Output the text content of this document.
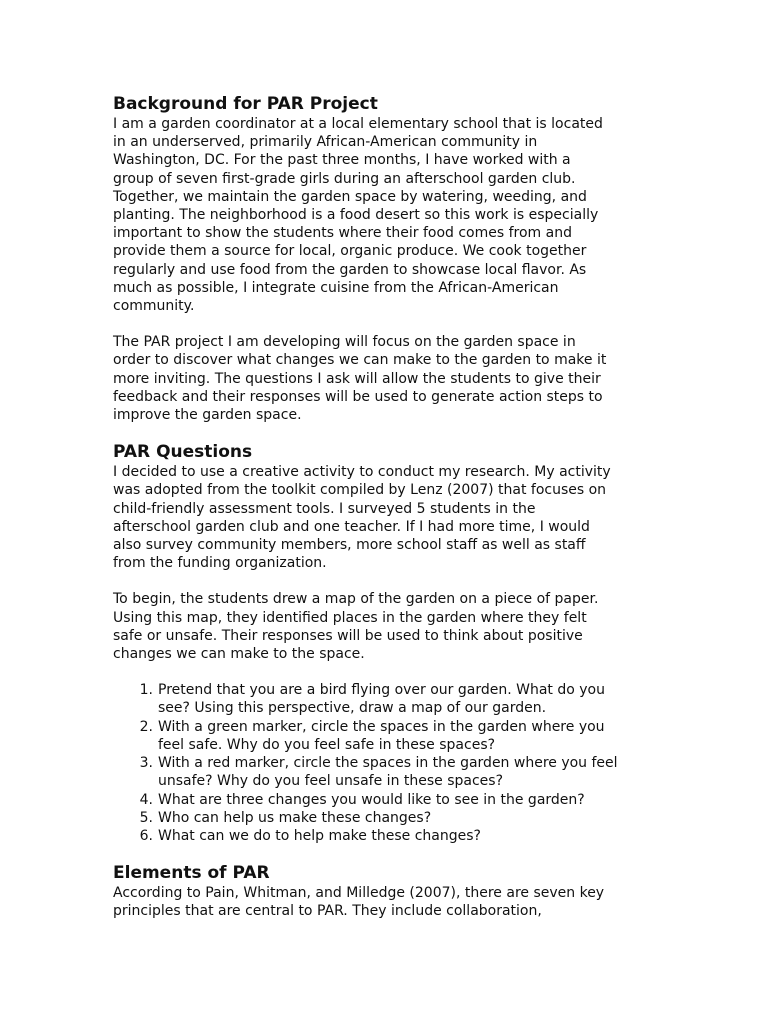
Background for PAR Project

I am a garden coordinator at a local elementary school that is located
in an underserved, primarily African-American community in
Washington, DC. For the past three months, I have worked with a
group of seven first-grade girls during an afterschool garden club.
Together, we maintain the garden space by watering, weeding, and
planting. The neighborhood is a food desert so this work is especially
important to show the students where their food comes from and
provide them a source for local, organic produce. We cook together
regularly and use food from the garden to showcase local flavor. As
much as possible, I integrate cuisine from the African-American
community.

The PAR project I am developing will focus on the garden space in
order to discover what changes we can make to the garden to make it
more inviting. The questions I ask will allow the students to give their
feedback and their responses will be used to generate action steps to
improve the garden space.

PAR Questions

I decided to use a creative activity to conduct my research. My activity
was adopted from the toolkit compiled by Lenz (2007) that focuses on
child-friendly assessment tools. I surveyed 5 students in the
afterschool garden club and one teacher. If I had more time, I would
also survey community members, more school staff as well as staff
from the funding organization.

To begin, the students drew a map of the garden on a piece of paper.
Using this map, they identified places in the garden where they felt
safe or unsafe. Their responses will be used to think about positive
changes we can make to the space.

1. Pretend that you are a bird flying over our garden. What do you
see? Using this perspective, draw a map of our garden.
2. With a green marker, circle the spaces in the garden where you
feel safe. Why do you feel safe in these spaces?
3. With a red marker, circle the spaces in the garden where you feel
unsafe? Why do you feel unsafe in these spaces?
4. What are three changes you would like to see in the garden?
5. Who can help us make these changes?
6. What can we do to help make these changes?
Elements of PAR

According to Pain, Whitman, and Milledge (2007), there are seven key
principles that are central to PAR. They include collaboration,
